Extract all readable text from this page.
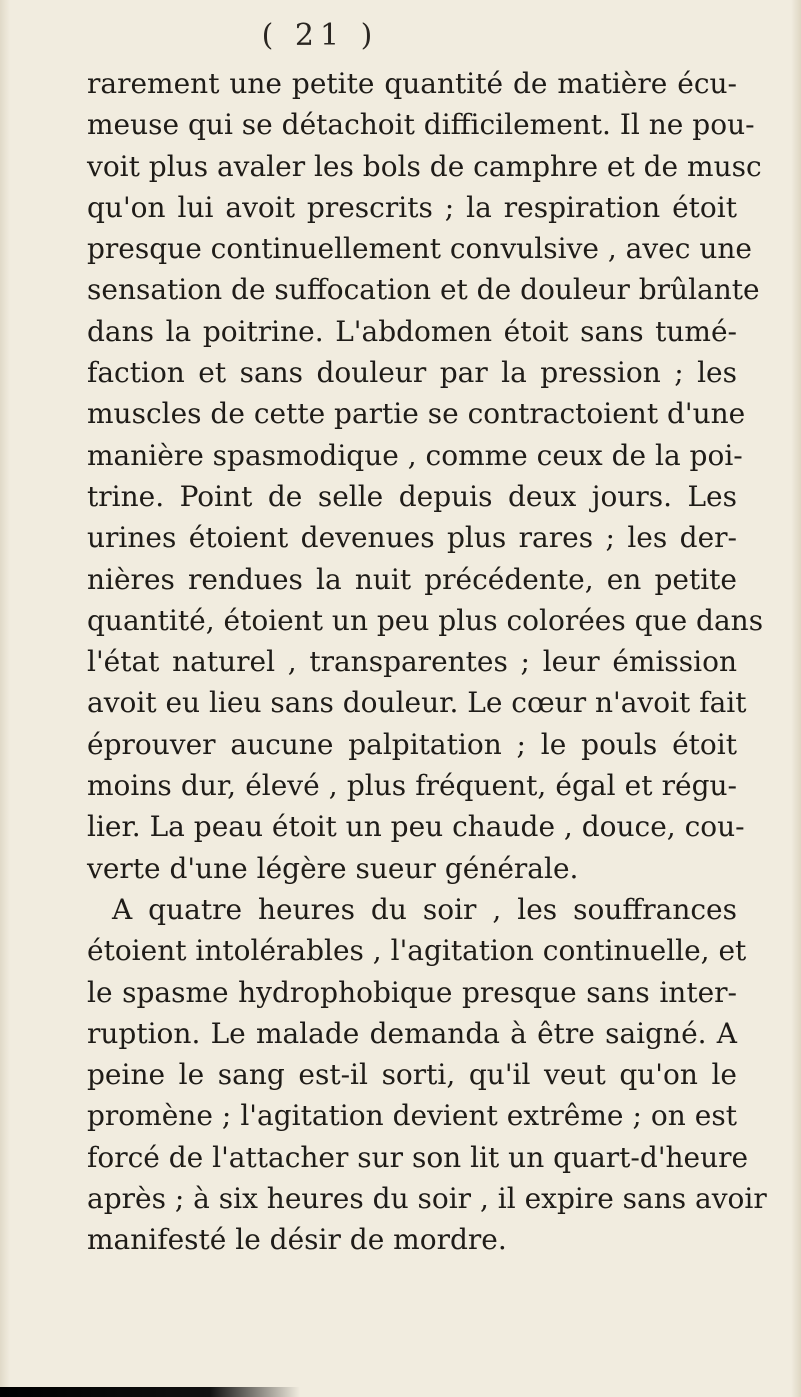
( 21 )
rarement une petite quantité de matière écu-
meuse qui se détachoit difficilement. Il ne pou-
voit plus avaler les bols de camphre et de musc
qu'on lui avoit prescrits ; la respiration étoit
presque continuellement convulsive , avec une
sensation de suffocation et de douleur brûlante
dans la poitrine. L'abdomen étoit sans tumé-
faction et sans douleur par la pression ; les
muscles de cette partie se contractoient d'une
manière spasmodique , comme ceux de la poi-
trine. Point de selle depuis deux jours. Les
urines étoient devenues plus rares ; les der-
nières rendues la nuit précédente, en petite
quantité, étoient un peu plus colorées que dans
l'état naturel , transparentes ; leur émission
avoit eu lieu sans douleur. Le cœur n'avoit fait
éprouver aucune palpitation ; le pouls étoit
moins dur, élevé , plus fréquent, égal et régu-
lier. La peau étoit un peu chaude , douce, cou-
verte d'une légère sueur générale.
A quatre heures du soir , les souffrances
étoient intolérables , l'agitation continuelle, et
le spasme hydrophobique presque sans inter-
ruption. Le malade demanda à être saigné. A
peine le sang est-il sorti, qu'il veut qu'on le
promène ; l'agitation devient extrême ; on est
forcé de l'attacher sur son lit un quart-d'heure
après ; à six heures du soir , il expire sans avoir
manifesté le désir de mordre.
